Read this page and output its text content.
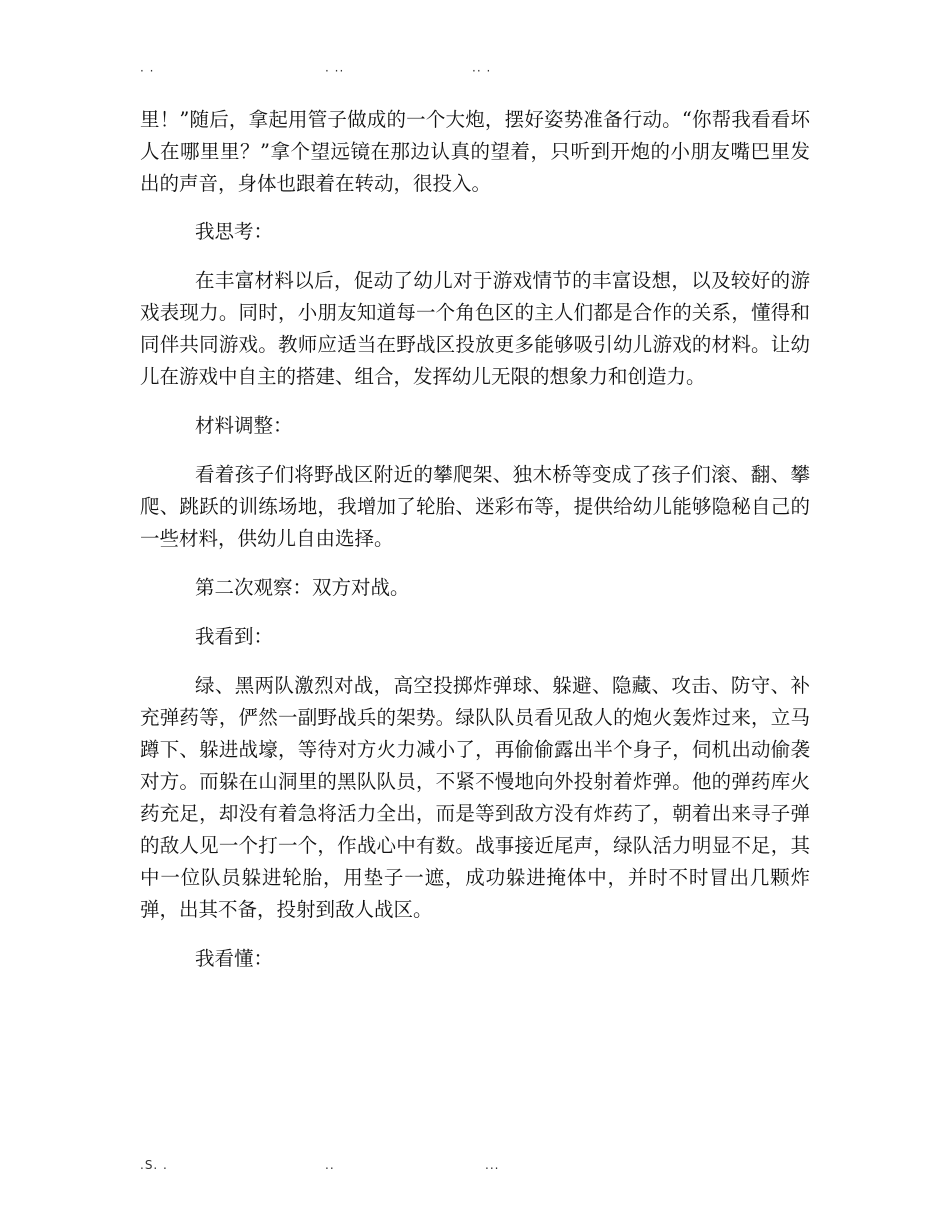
· ·	· ··	·· ·

里！”随后，拿起用管子做成的一个大炮，摆好姿势准备行动。“你帮我看看坏人在哪里里？”拿个望远镜在那边认真的望着，只听到开炮的小朋友嘴巴里发出的声音，身体也跟着在转动，很投入。

我思考：

在丰富材料以后，促动了幼儿对于游戏情节的丰富设想，以及较好的游戏表现力。同时，小朋友知道每一个角色区的主人们都是合作的关系，懂得和同伴共同游戏。教师应适当在野战区投放更多能够吸引幼儿游戏的材料。让幼儿在游戏中自主的搭建、组合，发挥幼儿无限的想象力和创造力。

材料调整：

看着孩子们将野战区附近的攀爬架、独木桥等变成了孩子们滚、翻、攀爬、跳跃的训练场地，我增加了轮胎、迷彩布等，提供给幼儿能够隐秘自己的一些材料，供幼儿自由选择。

第二次观察：双方对战。

我看到：

绿、黑两队激烈对战，高空投掷炸弹球、躲避、隐藏、攻击、防守、补充弹药等，俨然一副野战兵的架势。绿队队员看见敌人的炮火轰炸过来，立马蹲下、躲进战壕，等待对方火力减小了，再偷偷露出半个身子，伺机出动偷袭对方。而躲在山洞里的黑队队员，不紧不慢地向外投射着炸弹。他的弹药库火药充足，却没有着急将活力全出，而是等到敌方没有炸药了，朝着出来寻子弹的敌人见一个打一个，作战心中有数。战事接近尾声，绿队活力明显不足，其中一位队员躲进轮胎，用垫子一遮，成功躲进掩体中，并时不时冒出几颗炸弹，出其不备，投射到敌人战区。

我看懂：

.S. .	..	...
